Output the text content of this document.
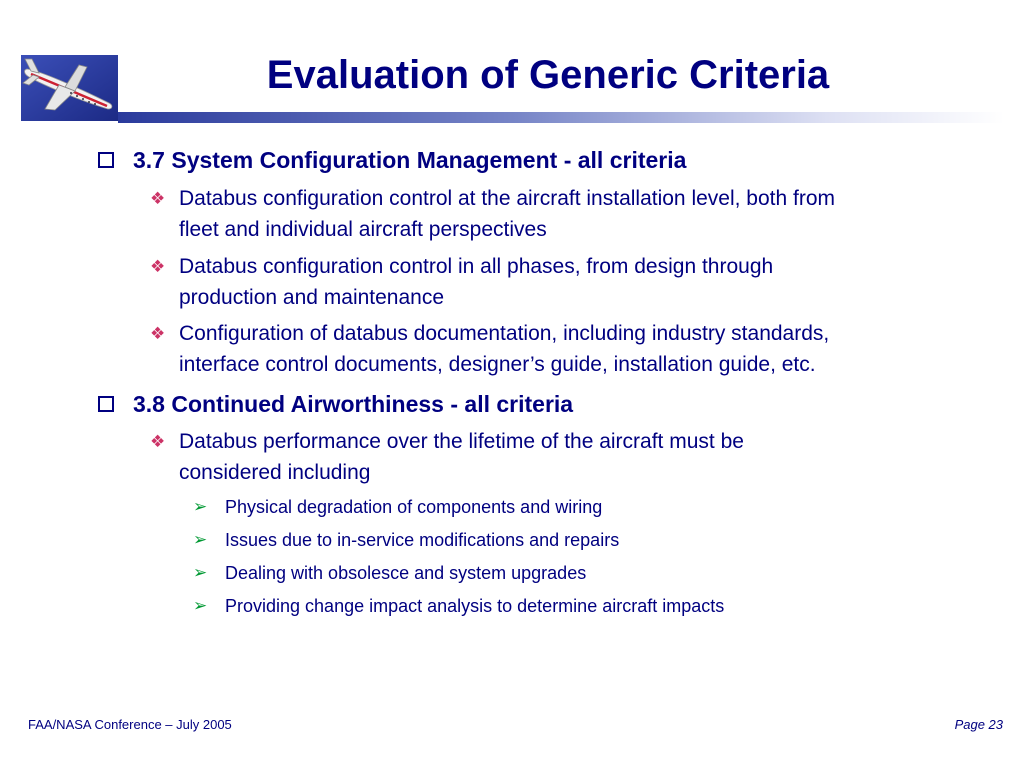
Evaluation of Generic Criteria
3.7 System Configuration Management - all criteria
❖ Databus configuration control at the aircraft installation level, both from
fleet and individual aircraft perspectives
❖ Databus configuration control in all phases, from design through
production and maintenance
❖ Configuration of databus documentation, including industry standards,
interface control documents, designer’s guide, installation guide, etc.
3.8 Continued Airworthiness - all criteria
❖ Databus performance over the lifetime of the aircraft must be
considered including
➢ Physical degradation of components and wiring
➢ Issues due to in-service modifications and repairs
➢ Dealing with obsolesce and system upgrades
➢ Providing change impact analysis to determine aircraft impacts
FAA/NASA Conference – July 2005	Page 23
